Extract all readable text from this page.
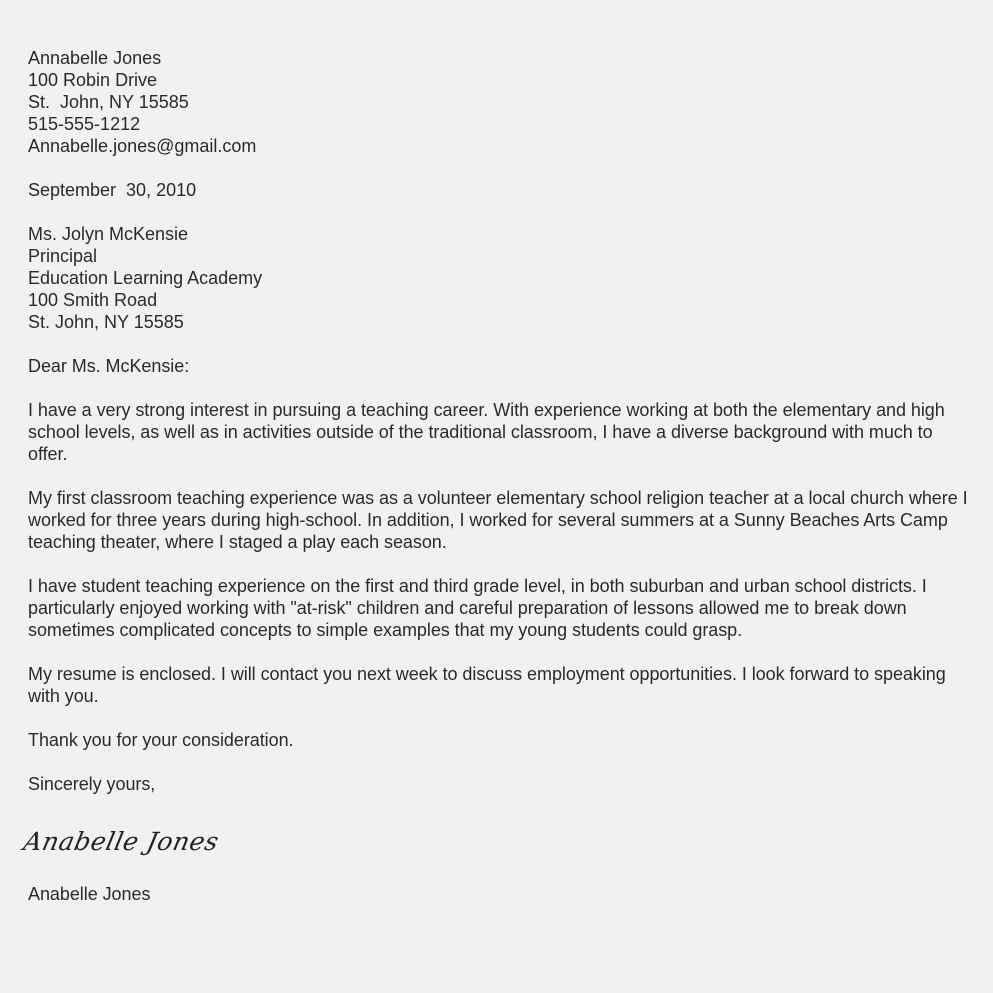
Annabelle Jones
100 Robin Drive
St.  John, NY 15585
515-555-1212
Annabelle.jones@gmail.com
September  30, 2010
Ms. Jolyn McKensie
Principal
Education Learning Academy
100 Smith Road
St. John, NY 15585

Dear Ms. McKensie:

I have a very strong interest in pursuing a teaching career. With experience working at both the elementary and high school levels, as well as in activities outside of the traditional classroom, I have a diverse background with much to offer.

My first classroom teaching experience was as a volunteer elementary school religion teacher at a local church where I worked for three years during high-school. In addition, I worked for several summers at a Sunny Beaches Arts Camp teaching theater, where I staged a play each season.

I have student teaching experience on the first and third grade level, in both suburban and urban school districts. I particularly enjoyed working with "at-risk" children and careful preparation of lessons allowed me to break down sometimes complicated concepts to simple examples that my young students could grasp.

My resume is enclosed. I will contact you next week to discuss employment opportunities. I look forward to speaking with you.

Thank you for your consideration.

Sincerely yours,

Anabelle Jones

Anabelle Jones
